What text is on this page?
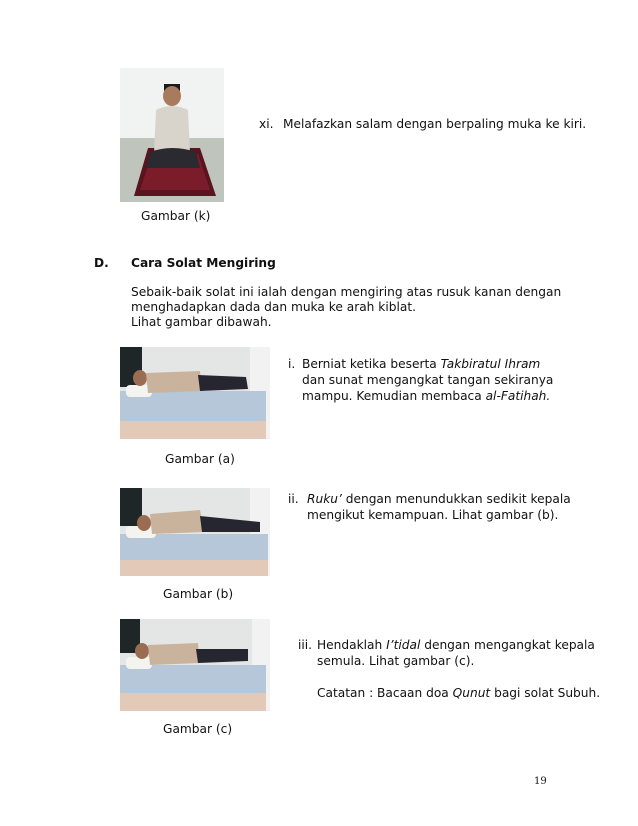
xi. Melafazkan salam dengan berpaling muka ke kiri.
Gambar (k)
D. Cara Solat Mengiring
Sebaik-baik solat ini ialah dengan mengiring atas rusuk kanan dengan
menghadapkan dada dan muka ke arah kiblat.
Lihat gambar dibawah.
i. Berniat ketika beserta Takbiratul Ihram
dan sunat mengangkat tangan sekiranya
mampu. Kemudian membaca al-Fatihah.
Gambar (a)
ii. Ruku’ dengan menundukkan sedikit kepala
mengikut kemampuan. Lihat gambar (b).
Gambar (b)
iii. Hendaklah I’tidal dengan mengangkat kepala
semula. Lihat gambar (c).
Catatan : Bacaan doa Qunut bagi solat Subuh.
Gambar (c)
19
